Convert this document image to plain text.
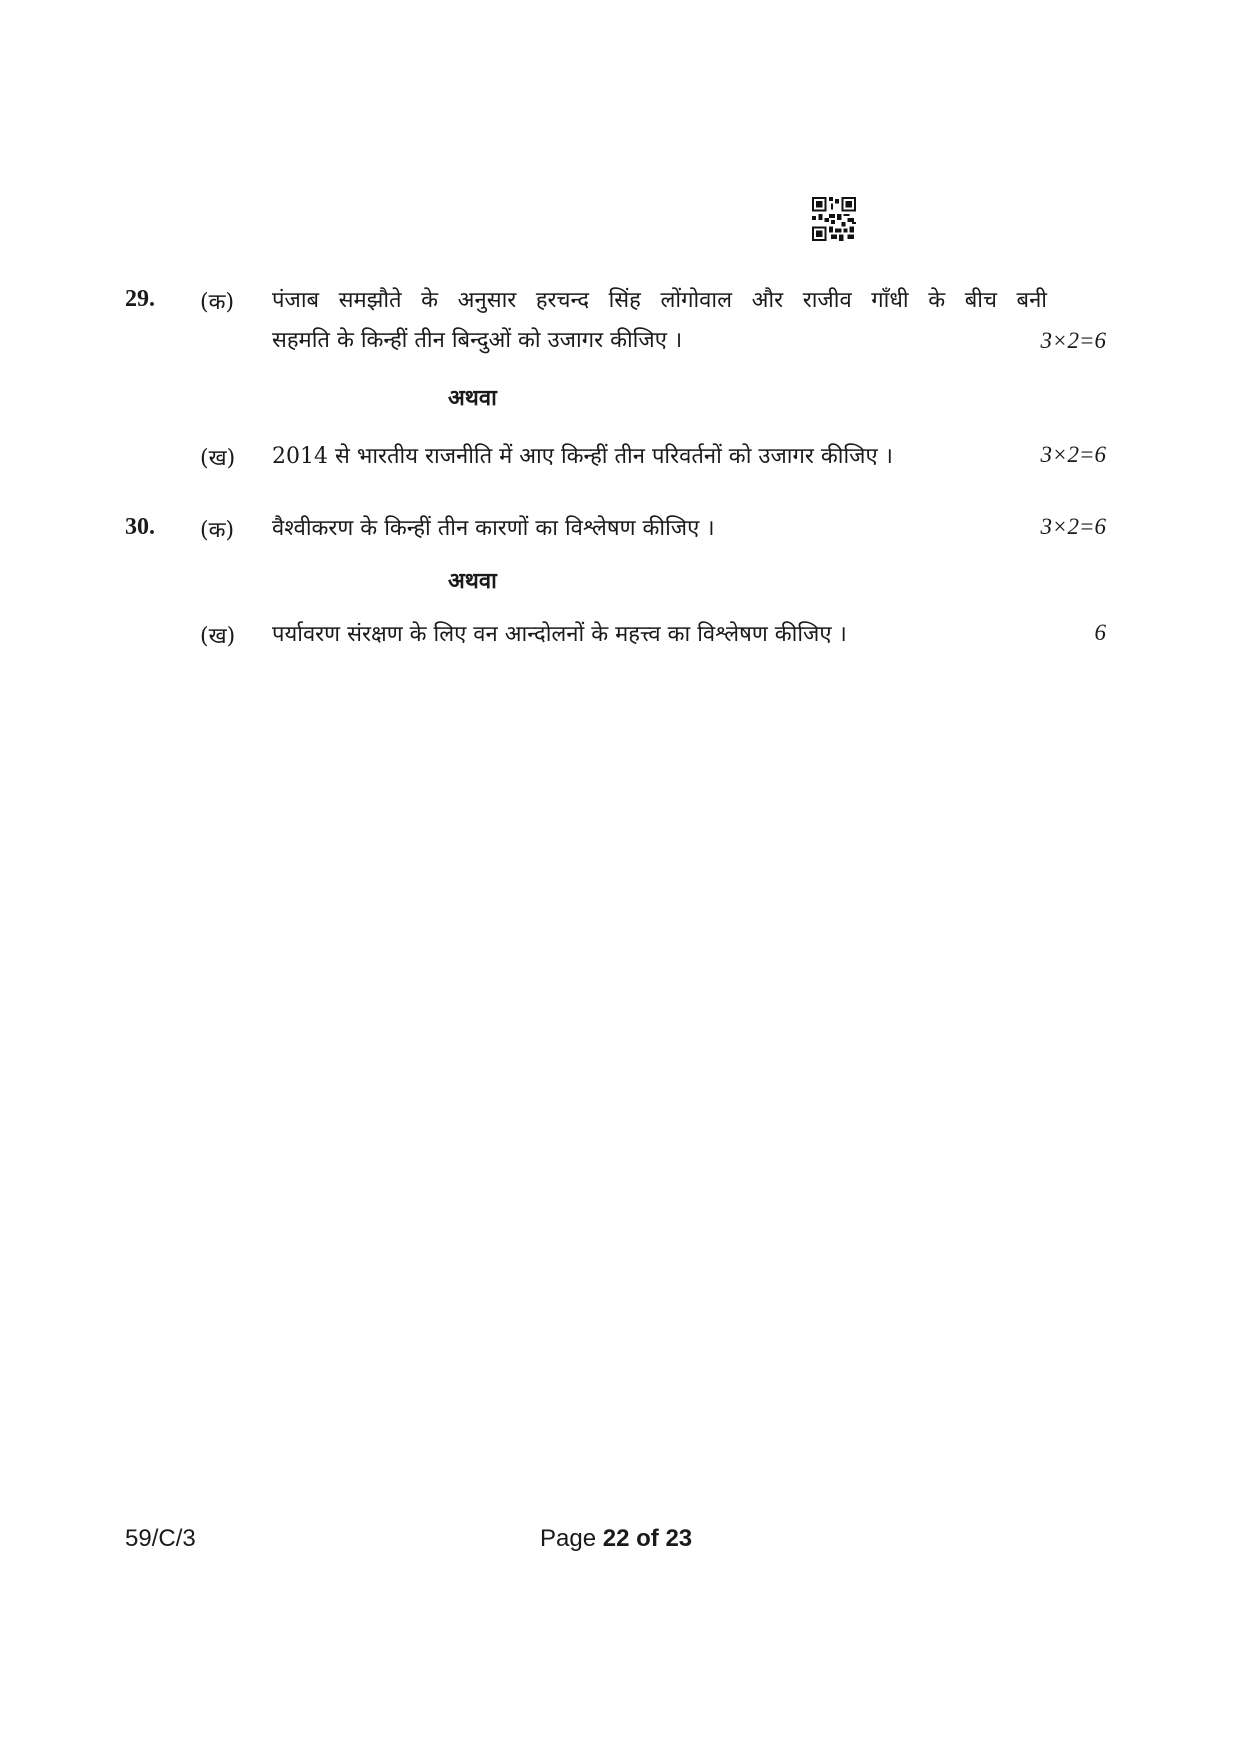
29. (क) पंजाब समझौते के अनुसार हरचन्द सिंह लोंगोवाल और राजीव गाँधी के बीच बनी
सहमति के किन्हीं तीन बिन्दुओं को उजागर कीजिए ।	3×2=6
अथवा
(ख) 2014 से भारतीय राजनीति में आए किन्हीं तीन परिवर्तनों को उजागर कीजिए ।	3×2=6
30. (क) वैश्वीकरण के किन्हीं तीन कारणों का विश्लेषण कीजिए ।	3×2=6
अथवा
(ख) पर्यावरण संरक्षण के लिए वन आन्दोलनों के महत्त्व का विश्लेषण कीजिए ।	6
59/C/3	Page 22 of 23
